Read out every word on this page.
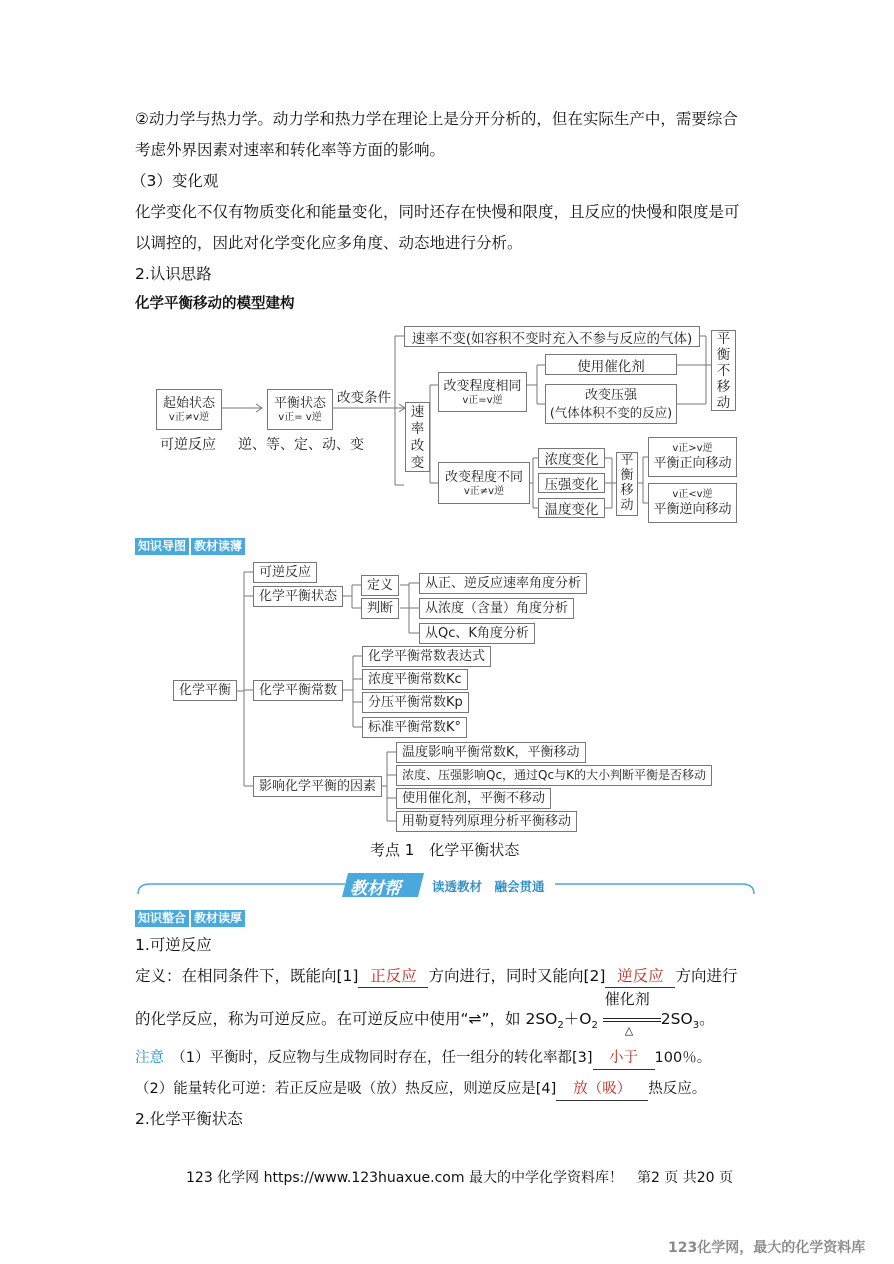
②动力学与热力学。动力学和热力学在理论上是分开分析的，但在实际生产中，需要综合
考虑外界因素对速率和转化率等方面的影响。
（3）变化观
化学变化不仅有物质变化和能量变化，同时还存在快慢和限度，且反应的快慢和限度是可
以调控的，因此对化学变化应多角度、动态地进行分析。
2.认识思路
化学平衡移动的模型建构
起始状态
v正≠v逆
可逆反应
平衡状态
v正= v逆
逆、等、定、动、变
改变条件
速
率
改
变
速率不变(如容积不变时充入不参与反应的气体)
改变程度相同
v正=v逆
使用催化剂
改变压强
(气体体积不变的反应)
平
衡
不
移
动
改变程度不同
v正≠v逆
浓度变化
压强变化
温度变化
平
衡
移
动
v正>v逆
平衡正向移动
v正<v逆
平衡逆向移动
知识导图 教材读薄
化学平衡
可逆反应
化学平衡状态
定义
判断
从正、逆反应速率角度分析
从浓度（含量）角度分析
从Qc、K角度分析
化学平衡常数
化学平衡常数表达式
浓度平衡常数Kc
分压平衡常数Kp
标准平衡常数K°
影响化学平衡的因素
温度影响平衡常数K，平衡移动
浓度、压强影响Qc，通过Qc与K的大小判断平衡是否移动
使用催化剂，平衡不移动
用勒夏特列原理分析平衡移动
考点 1　化学平衡状态
教材帮 读透教材　融会贯通
知识整合 教材读厚
1.可逆反应
定义：在相同条件下，既能向[1] 正反应 方向进行，同时又能向[2] 逆反应 方向进行
的化学反应，称为可逆反应。在可逆反应中使用“⇌”，如 $2SO_2+O_2$
催化剂
△
$2SO_3$。
注意　（1）平衡时，反应物与生成物同时存在，任一组分的转化率都[3] 小于 100％。
（2）能量转化可逆：若正反应是吸（放）热反应，则逆反应是[4] 放（吸） 热反应。
2.化学平衡状态
123 化学网 https://www.123huaxue.com 最大的中学化学资料库！　第2 页 共20 页
123化学网，最大的化学资料库
